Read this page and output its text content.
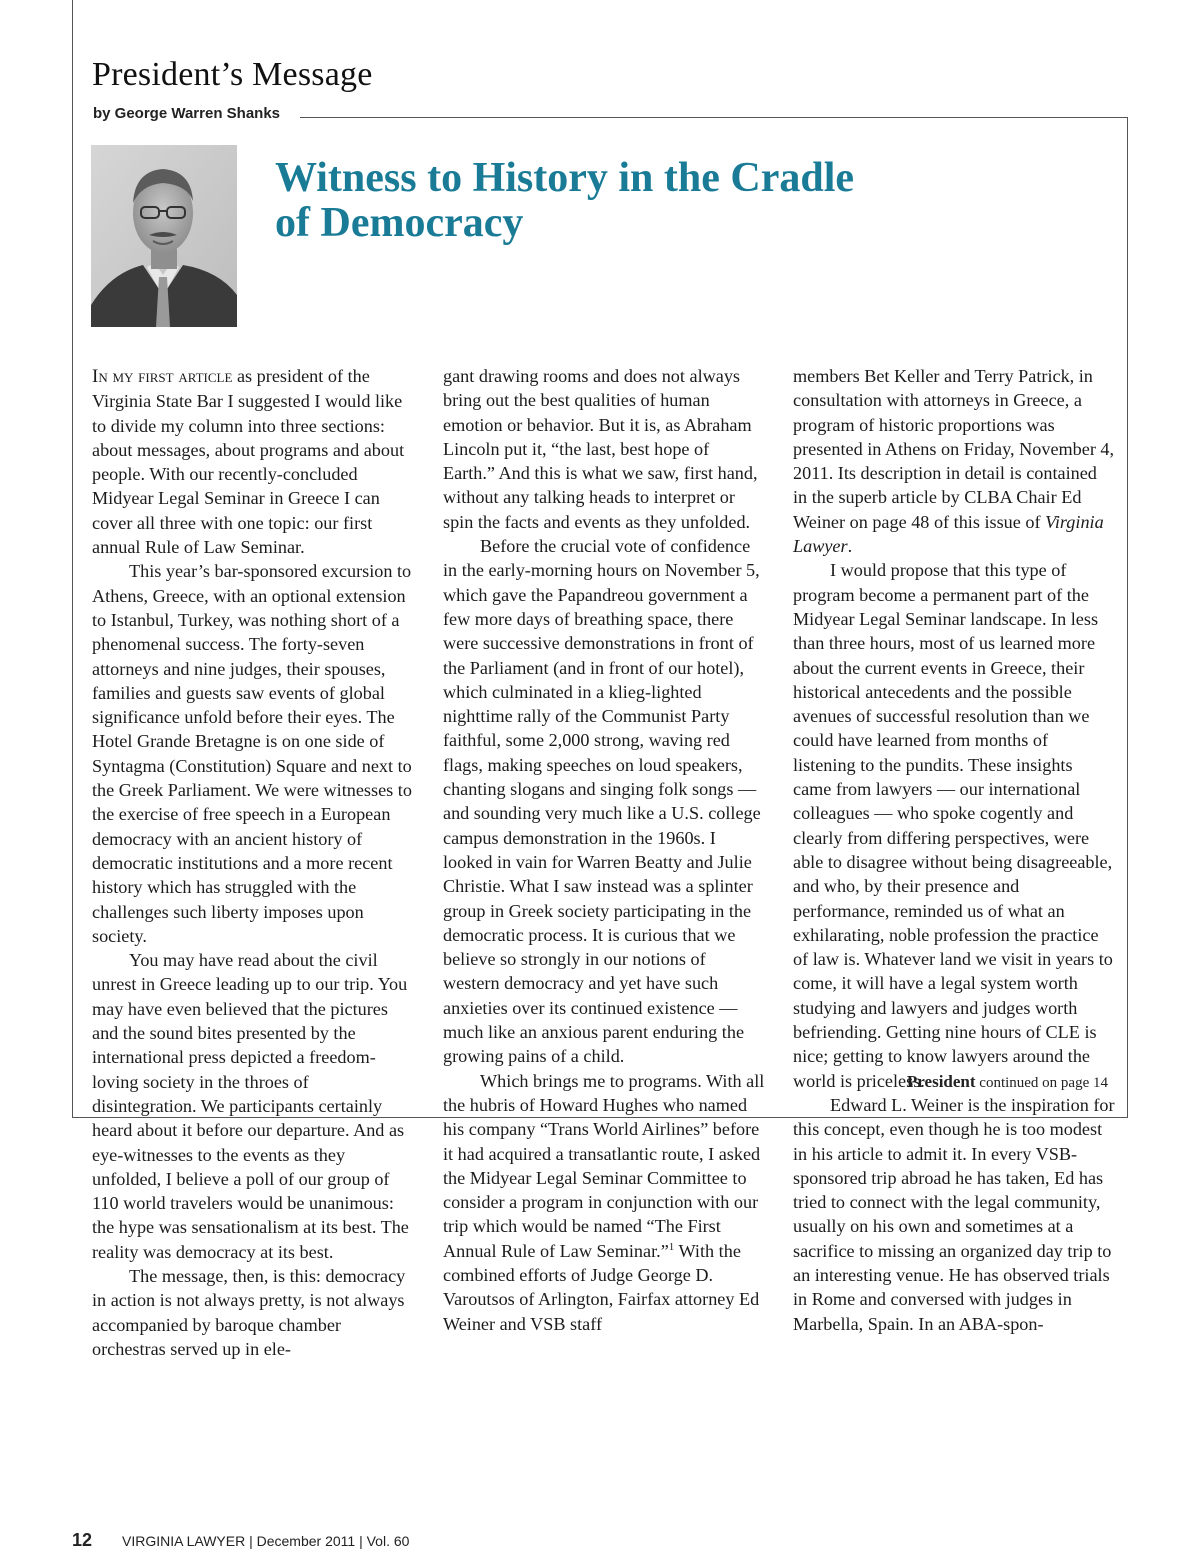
President’s Message
by George Warren Shanks
Witness to History in the Cradle
of Democracy

In my first article as president of the Virginia State Bar I suggested I would like to divide my column into three sections: about messages, about programs and about people. With our recently-concluded Midyear Legal Seminar in Greece I can cover all three with one topic: our first annual Rule of Law Seminar.

This year’s bar-sponsored excursion to Athens, Greece, with an optional extension to Istanbul, Turkey, was nothing short of a phenomenal success. The forty-seven attorneys and nine judges, their spouses, families and guests saw events of global significance unfold before their eyes. The Hotel Grande Bretagne is on one side of Syntagma (Constitution) Square and next to the Greek Parliament. We were witnesses to the exercise of free speech in a European democracy with an ancient history of democratic institutions and a more recent history which has struggled with the challenges such liberty imposes upon society.

You may have read about the civil unrest in Greece leading up to our trip. You may have even believed that the pictures and the sound bites presented by the international press depicted a freedom-loving society in the throes of disintegration. We participants certainly heard about it before our departure. And as eye-witnesses to the events as they unfolded, I believe a poll of our group of 110 world travelers would be unanimous: the hype was sensationalism at its best. The reality was democracy at its best.

The message, then, is this: democracy in action is not always pretty, is not always accompanied by baroque chamber orchestras served up in ele-

gant drawing rooms and does not always bring out the best qualities of human emotion or behavior. But it is, as Abraham Lincoln put it, “the last, best hope of Earth.” And this is what we saw, first hand, without any talking heads to interpret or spin the facts and events as they unfolded.

Before the crucial vote of confidence in the early-morning hours on November 5, which gave the Papandreou government a few more days of breathing space, there were successive demonstrations in front of the Parliament (and in front of our hotel), which culminated in a klieg-lighted nighttime rally of the Communist Party faithful, some 2,000 strong, waving red flags, making speeches on loud speakers, chanting slogans and singing folk songs — and sounding very much like a U.S. college campus demonstration in the 1960s. I looked in vain for Warren Beatty and Julie Christie. What I saw instead was a splinter group in Greek society participating in the democratic process. It is curious that we believe so strongly in our notions of western democracy and yet have such anxieties over its continued existence — much like an anxious parent enduring the growing pains of a child.

Which brings me to programs. With all the hubris of Howard Hughes who named his company “Trans World Airlines” before it had acquired a transatlantic route, I asked the Midyear Legal Seminar Committee to consider a program in conjunction with our trip which would be named “The First Annual Rule of Law Seminar.”$^1$ With the combined efforts of Judge George D. Varoutsos of Arlington, Fairfax attorney Ed Weiner and VSB staff

members Bet Keller and Terry Patrick, in consultation with attorneys in Greece, a program of historic proportions was presented in Athens on Friday, November 4, 2011. Its description in detail is contained in the superb article by CLBA Chair Ed Weiner on page 48 of this issue of Virginia Lawyer.

I would propose that this type of program become a permanent part of the Midyear Legal Seminar landscape. In less than three hours, most of us learned more about the current events in Greece, their historical antecedents and the possible avenues of successful resolution than we could have learned from months of listening to the pundits. These insights came from lawyers — our international colleagues — who spoke cogently and clearly from differing perspectives, were able to disagree without being disagreeable, and who, by their presence and performance, reminded us of what an exhilarating, noble profession the practice of law is. Whatever land we visit in years to come, it will have a legal system worth studying and lawyers and judges worth befriending. Getting nine hours of CLE is nice; getting to know lawyers around the world is priceless.

Edward L. Weiner is the inspiration for this concept, even though he is too modest in his article to admit it. In every VSB-sponsored trip abroad he has taken, Ed has tried to connect with the legal community, usually on his own and sometimes at a sacrifice to missing an organized day trip to an interesting venue. He has observed trials in Rome and conversed with judges in Marbella, Spain. In an ABA-spon-

President continued on page 14
12 VIRGINIA LAWYER | December 2011 | Vol. 60
